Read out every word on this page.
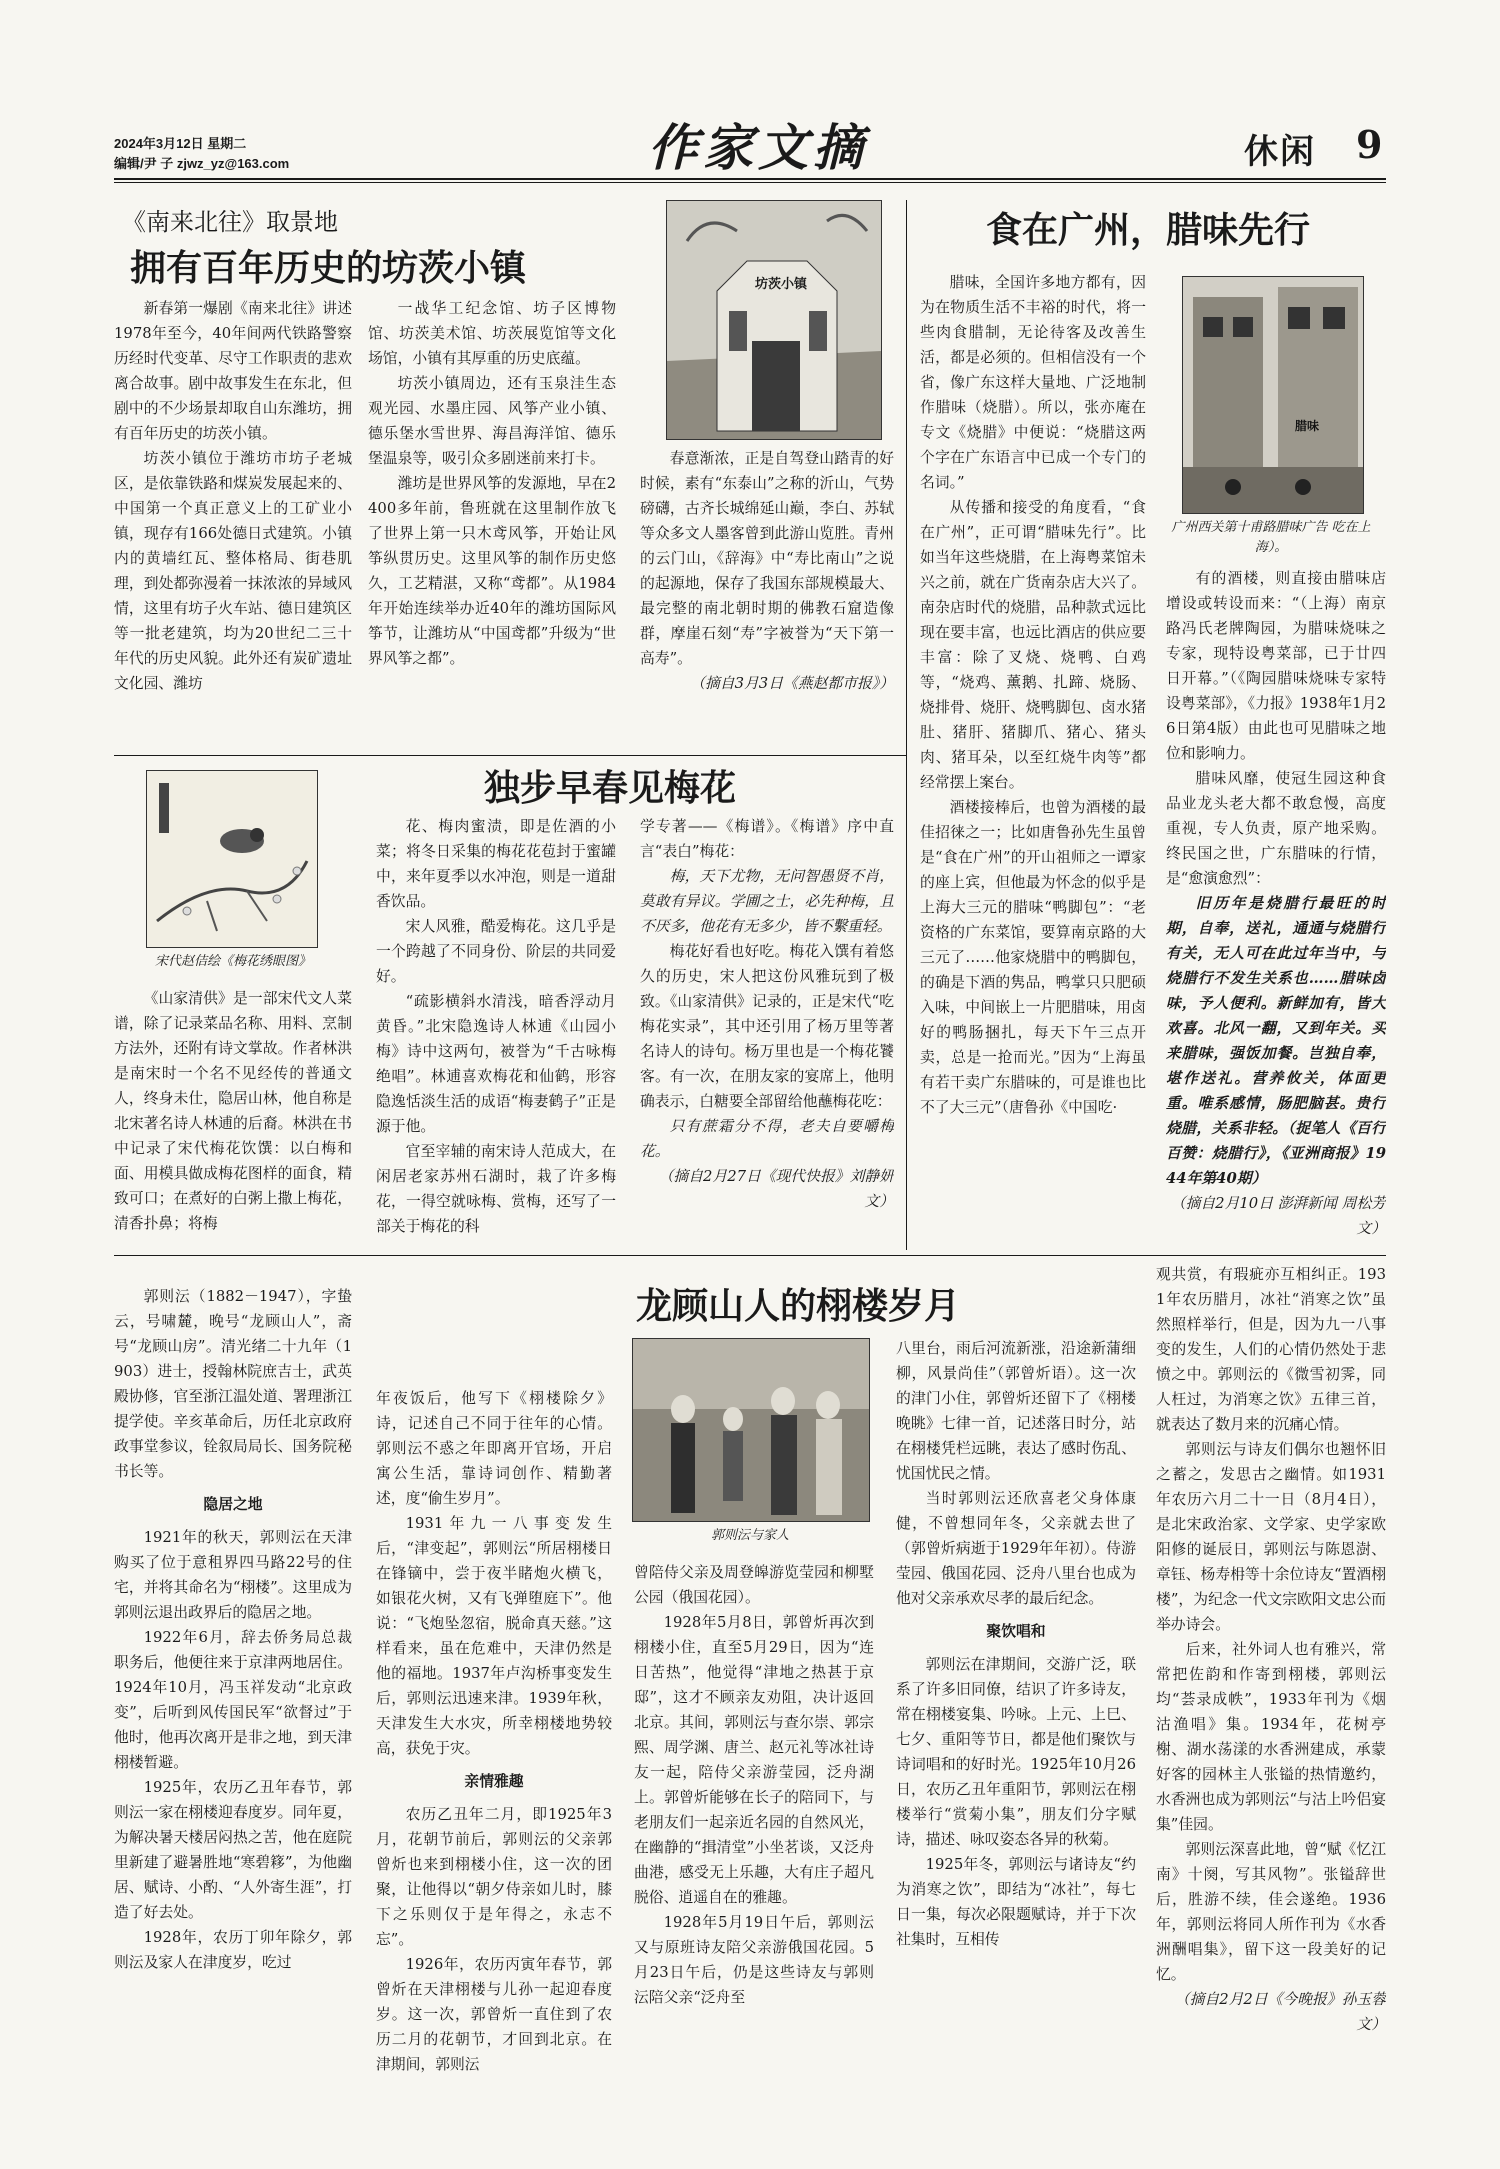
2024年3月12日 星期二
编辑/尹 子 zjwz_yz@163.com	作家文摘	休闲 9
《南来北往》取景地
拥有百年历史的坊茨小镇

新春第一爆剧《南来北往》讲述1978年至今，40年间两代铁路警察历经时代变革、尽守工作职责的悲欢离合故事。剧中故事发生在东北，但剧中的不少场景却取自山东潍坊，拥有百年历史的坊茨小镇。

坊茨小镇位于潍坊市坊子老城区，是依靠铁路和煤炭发展起来的、中国第一个真正意义上的工矿业小镇，现存有166处德日式建筑。小镇内的黄墙红瓦、整体格局、街巷肌理，到处都弥漫着一抹浓浓的异域风情，这里有坊子火车站、德日建筑区等一批老建筑，均为20世纪二三十年代的历史风貌。此外还有炭矿遗址文化园、潍坊

一战华工纪念馆、坊子区博物馆、坊茨美术馆、坊茨展览馆等文化场馆，小镇有其厚重的历史底蕴。

坊茨小镇周边，还有玉泉洼生态观光园、水墨庄园、风筝产业小镇、德乐堡水雪世界、海昌海洋馆、德乐堡温泉等，吸引众多剧迷前来打卡。

潍坊是世界风筝的发源地，早在2400多年前，鲁班就在这里制作放飞了世界上第一只木鸢风筝，开始让风筝纵贯历史。这里风筝的制作历史悠久，工艺精湛，又称“鸢都”。从1984年开始连续举办近40年的潍坊国际风筝节，让潍坊从“中国鸢都”升级为“世界风筝之都”。

坊茨小镇

春意渐浓，正是自驾登山踏青的好时候，素有“东泰山”之称的沂山，气势磅礴，古齐长城绵延山巅，李白、苏轼等众多文人墨客曾到此游山览胜。青州的云门山，《辞海》中“寿比南山”之说的起源地，保存了我国东部规模最大、最完整的南北朝时期的佛教石窟造像群，摩崖石刻“寿”字被誉为“天下第一高寿”。

（摘自3月3日《燕赵都市报》）

宋代赵佶绘《梅花绣眼图》
独步早春见梅花

《山家清供》是一部宋代文人菜谱，除了记录菜品名称、用料、烹制方法外，还附有诗文掌故。作者林洪是南宋时一个名不见经传的普通文人，终身未仕，隐居山林，他自称是北宋著名诗人林逋的后裔。林洪在书中记录了宋代梅花饮馔：以白梅和面、用模具做成梅花图样的面食，精致可口；在煮好的白粥上撒上梅花，清香扑鼻；将梅

花、梅肉蜜渍，即是佐酒的小菜；将冬日采集的梅花花苞封于蜜罐中，来年夏季以水冲泡，则是一道甜香饮品。

宋人风雅，酷爱梅花。这几乎是一个跨越了不同身份、阶层的共同爱好。

“疏影横斜水清浅，暗香浮动月黄昏。”北宋隐逸诗人林逋《山园小梅》诗中这两句，被誉为“千古咏梅绝唱”。林逋喜欢梅花和仙鹤，形容隐逸恬淡生活的成语“梅妻鹤子”正是源于他。

官至宰辅的南宋诗人范成大，在闲居老家苏州石湖时，栽了许多梅花，一得空就咏梅、赏梅，还写了一部关于梅花的科

学专著——《梅谱》。《梅谱》序中直言“表白”梅花：

梅，天下尤物，无问智愚贤不肖，莫敢有异议。学圃之士，必先种梅，且不厌多，他花有无多少，皆不繫重轻。

梅花好看也好吃。梅花入馔有着悠久的历史，宋人把这份风雅玩到了极致。《山家清供》记录的，正是宋代“吃梅花实录”，其中还引用了杨万里等著名诗人的诗句。杨万里也是一个梅花饕客。有一次，在朋友家的宴席上，他明确表示，白糖要全部留给他蘸梅花吃：

只有蔗霜分不得，老夫自要嚼梅花。

（摘自2月27日《现代快报》刘静妍文）

食在广州，腊味先行

腊味，全国许多地方都有，因为在物质生活不丰裕的时代，将一些肉食腊制，无论待客及改善生活，都是必须的。但相信没有一个省，像广东这样大量地、广泛地制作腊味（烧腊）。所以，张亦庵在专文《烧腊》中便说：“烧腊这两个字在广东语言中已成一个专门的名词。”

从传播和接受的角度看，“食在广州”，正可谓“腊味先行”。比如当年这些烧腊，在上海粤菜馆未兴之前，就在广货南杂店大兴了。南杂店时代的烧腊，品种款式远比现在要丰富，也远比酒店的供应要丰富：除了叉烧、烧鸭、白鸡等，“烧鸡、薰鹅、扎蹄、烧肠、烧排骨、烧肝、烧鸭脚包、卤水猪肚、猪肝、猪脚爪、猪心、猪头肉、猪耳朵，以至红烧牛肉等”都经常摆上案台。

酒楼接棒后，也曾为酒楼的最佳招徕之一；比如唐鲁孙先生虽曾是“食在广州”的开山祖师之一谭家的座上宾，但他最为怀念的似乎是上海大三元的腊味“鸭脚包”：“老资格的广东菜馆，要算南京路的大三元了……他家烧腊中的鸭脚包，的确是下酒的隽品，鸭掌只只肥硕入味，中间嵌上一片肥腊味，用卤好的鸭肠捆扎，每天下午三点开卖，总是一抢而光。”因为“上海虽有若干卖广东腊味的，可是谁也比不了大三元”（唐鲁孙《中国吃·

腊味
广州西关第十甫路腊味广告 吃在上海）。

有的酒楼，则直接由腊味店增设或转设而来：“（上海）南京路冯氏老牌陶园，为腊味烧味之专家，现特设粤菜部，已于廿四日开幕。”（《陶园腊味烧味专家特设粤菜部》，《力报》1938年1月26日第4版）由此也可见腊味之地位和影响力。

腊味风靡，使冠生园这种食品业龙头老大都不敢怠慢，高度重视，专人负责，原产地采购。终民国之世，广东腊味的行情，是“愈演愈烈”：

旧历年是烧腊行最旺的时期，自奉，送礼，通通与烧腊行有关，无人可在此过年当中，与烧腊行不发生关系也……腊味卤味，予人便利。新鲜加有，皆大欢喜。北风一翻，又到年关。买来腊味，强饭加餐。岂独自奉，堪作送礼。营养攸关，体面更重。唯系感情，肠肥脑甚。贵行烧腊，关系非轻。（捉笔人《百行百赞：烧腊行》，《亚洲商报》1944年第40期）

（摘自2月10日 澎湃新闻 周松芳文）

龙顾山人的栩楼岁月
郭则沄与家人

郭则沄（1882－1947），字蛰云，号啸麓，晚号“龙顾山人”，斋号“龙顾山房”。清光绪二十九年（1903）进士，授翰林院庶吉士，武英殿协修，官至浙江温处道、署理浙江提学使。辛亥革命后，历任北京政府政事堂参议，铨叙局局长、国务院秘书长等。

隐居之地

1921年的秋天，郭则沄在天津购买了位于意租界四马路22号的住宅，并将其命名为“栩楼”。这里成为郭则沄退出政界后的隐居之地。

1922年6月，辞去侨务局总裁职务后，他便往来于京津两地居住。1924年10月，冯玉祥发动“北京政变”，后听到风传国民军“欲督过”于他时，他再次离开是非之地，到天津栩楼暂避。

1925年，农历乙丑年春节，郭则沄一家在栩楼迎春度岁。同年夏，为解决暑天楼居闷热之苦，他在庭院里新建了避暑胜地“寒碧簃”，为他幽居、赋诗、小酌、“人外寄生涯”，打造了好去处。

1928年，农历丁卯年除夕，郭则沄及家人在津度岁，吃过

年夜饭后，他写下《栩楼除夕》诗，记述自己不同于往年的心情。郭则沄不惑之年即离开官场，开启寓公生活，靠诗词创作、精勤著述，度“偷生岁月”。

1931年九一八事变发生后，“津变起”，郭则沄“所居栩楼日在锋镝中，尝于夜半睹炮火横飞，如银花火树，又有飞弹堕庭下”。他说：“飞炮坠忽宿，脱命真天慈。”这样看来，虽在危难中，天津仍然是他的福地。1937年卢沟桥事变发生后，郭则沄迅速来津。1939年秋，天津发生大水灾，所幸栩楼地势较高，获免于灾。

亲情雅趣

农历乙丑年二月，即1925年3月，花朝节前后，郭则沄的父亲郭曾炘也来到栩楼小住，这一次的团聚，让他得以“朝夕侍亲如儿时，膝下之乐则仅于是年得之，永志不忘”。

1926年，农历丙寅年春节，郭曾炘在天津栩楼与儿孙一起迎春度岁。这一次，郭曾炘一直住到了农历二月的花朝节，才回到北京。在津期间，郭则沄

曾陪侍父亲及周登皞游览莹园和柳墅公园（俄国花园）。

1928年5月8日，郭曾炘再次到栩楼小住，直至5月29日，因为“连日苦热”，他觉得“津地之热甚于京邸”，这才不顾亲友劝阻，决计返回北京。其间，郭则沄与查尔崇、郭宗熙、周学渊、唐兰、赵元礼等冰社诗友一起，陪侍父亲游莹园，泛舟湖上。郭曾炘能够在长子的陪同下，与老朋友们一起亲近名园的自然风光，在幽静的“揖清堂”小坐茗谈，又泛舟曲港，感受无上乐趣，大有庄子超凡脱俗、逍遥自在的雅趣。

1928年5月19日午后，郭则沄又与原班诗友陪父亲游俄国花园。5月23日午后，仍是这些诗友与郭则沄陪父亲“泛舟至

八里台，雨后河流新涨，沿途新蒲细柳，风景尚佳”（郭曾炘语）。这一次的津门小住，郭曾炘还留下了《栩楼晚眺》七律一首，记述落日时分，站在栩楼凭栏远眺，表达了感时伤乱、忧国忧民之情。

当时郭则沄还欣喜老父身体康健，不曾想同年冬，父亲就去世了（郭曾炘病逝于1929年年初）。侍游莹园、俄国花园、泛舟八里台也成为他对父亲承欢尽孝的最后纪念。

聚饮唱和

郭则沄在津期间，交游广泛，联系了许多旧同僚，结识了许多诗友，常在栩楼宴集、吟咏。上元、上巳、七夕、重阳等节日，都是他们聚饮与诗词唱和的好时光。1925年10月26日，农历乙丑年重阳节，郭则沄在栩楼举行“赏菊小集”，朋友们分字赋诗，描述、咏叹姿态各异的秋菊。

1925年冬，郭则沄与诸诗友“约为消寒之饮”，即结为“冰社”，每七日一集，每次必限题赋诗，并于下次社集时，互相传

观共赏，有瑕疵亦互相纠正。1931年农历腊月，冰社“消寒之饮”虽然照样举行，但是，因为九一八事变的发生，人们的心情仍然处于悲愤之中。郭则沄的《微雪初霁，同人枉过，为消寒之饮》五律三首，就表达了数月来的沉痛心情。

郭则沄与诗友们偶尔也翘怀旧之蓄之，发思古之幽情。如1931年农历六月二十一日（8月4日），是北宋政治家、文学家、史学家欧阳修的诞辰日，郭则沄与陈恩澍、章钰、杨寿枏等十余位诗友“置酒栩楼”，为纪念一代文宗欧阳文忠公而举办诗会。

后来，社外词人也有雅兴，常常把佐韵和作寄到栩楼，郭则沄均“荟录成帙”，1933年刊为《烟沽渔唱》集。1934年，花树亭榭、湖水荡漾的水香洲建成，承蒙好客的园林主人张镒的热情邀约，水香洲也成为郭则沄“与沽上吟侣宴集”佳园。

郭则沄深喜此地，曾“赋《忆江南》十阕，写其风物”。张镒辞世后，胜游不续，佳会遂绝。1936年，郭则沄将同人所作刊为《水香洲酬唱集》，留下这一段美好的记忆。

（摘自2月2日《今晚报》孙玉蓉文）
